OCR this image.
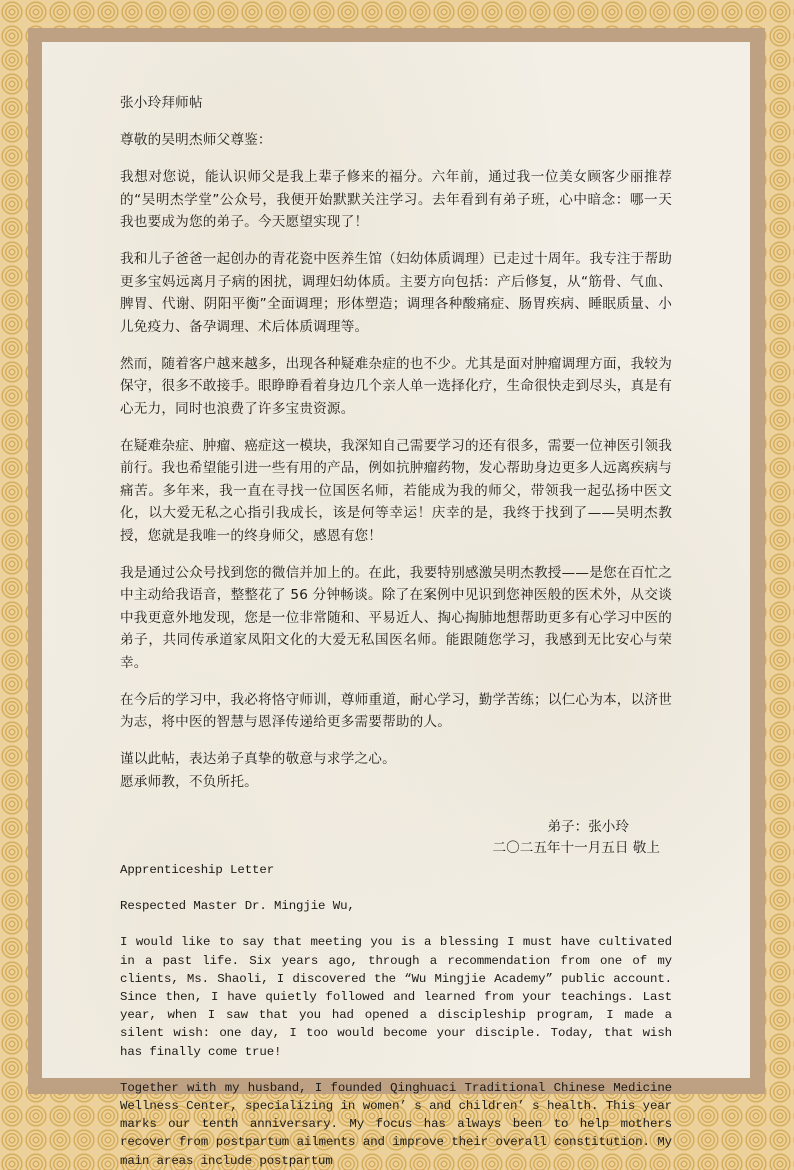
张小玲拜师帖

尊敬的吴明杰师父尊鉴：

我想对您说，能认识师父是我上辈子修来的福分。六年前，通过我一位美女顾客少丽推荐的“吴明杰学堂”公众号，我便开始默默关注学习。去年看到有弟子班，心中暗念：哪一天我也要成为您的弟子。今天愿望实现了！

我和儿子爸爸一起创办的青花瓷中医养生馆（妇幼体质调理）已走过十周年。我专注于帮助更多宝妈远离月子病的困扰，调理妇幼体质。主要方向包括：产后修复，从“筋骨、气血、脾胃、代谢、阴阳平衡”全面调理；形体塑造；调理各种酸痛症、肠胃疾病、睡眠质量、小儿免疫力、备孕调理、术后体质调理等。

然而，随着客户越来越多，出现各种疑难杂症的也不少。尤其是面对肿瘤调理方面，我较为保守，很多不敢接手。眼睁睁看着身边几个亲人单一选择化疗，生命很快走到尽头，真是有心无力，同时也浪费了许多宝贵资源。

在疑难杂症、肿瘤、癌症这一模块，我深知自己需要学习的还有很多，需要一位神医引领我前行。我也希望能引进一些有用的产品，例如抗肿瘤药物，发心帮助身边更多人远离疾病与痛苦。多年来，我一直在寻找一位国医名师，若能成为我的师父，带领我一起弘扬中医文化，以大爱无私之心指引我成长，该是何等幸运！庆幸的是，我终于找到了——吴明杰教授，您就是我唯一的终身师父，感恩有您！

我是通过公众号找到您的微信并加上的。在此，我要特别感激吴明杰教授——是您在百忙之中主动给我语音，整整花了 56 分钟畅谈。除了在案例中见识到您神医般的医术外，从交谈中我更意外地发现，您是一位非常随和、平易近人、掏心掏肺地想帮助更多有心学习中医的弟子，共同传承道家凤阳文化的大爱无私国医名师。能跟随您学习，我感到无比安心与荣幸。

在今后的学习中，我必将恪守师训，尊师重道，耐心学习，勤学苦练；以仁心为本，以济世为志，将中医的智慧与恩泽传递给更多需要帮助的人。

谨以此帖，表达弟子真挚的敬意与求学之心。

愿承师教，不负所托。

弟子：张小玲
二〇二五年十一月五日 敬上

Apprenticeship Letter

Respected Master Dr. Mingjie Wu,

I would like to say that meeting you is a blessing I must have cultivated in a past life. Six years ago, through a recommendation from one of my clients, Ms. Shaoli, I discovered the “Wu Mingjie Academy” public account. Since then, I have quietly followed and learned from your teachings. Last year, when I saw that you had opened a discipleship program, I made a silent wish: one day, I too would become your disciple. Today, that wish has finally come true!

Together with my husband, I founded Qinghuaci Traditional Chinese Medicine Wellness Center, specializing in women’ s and children’ s health. This year marks our tenth anniversary. My focus has always been to help mothers recover from postpartum ailments and improve their overall constitution. My main areas include postpartum
